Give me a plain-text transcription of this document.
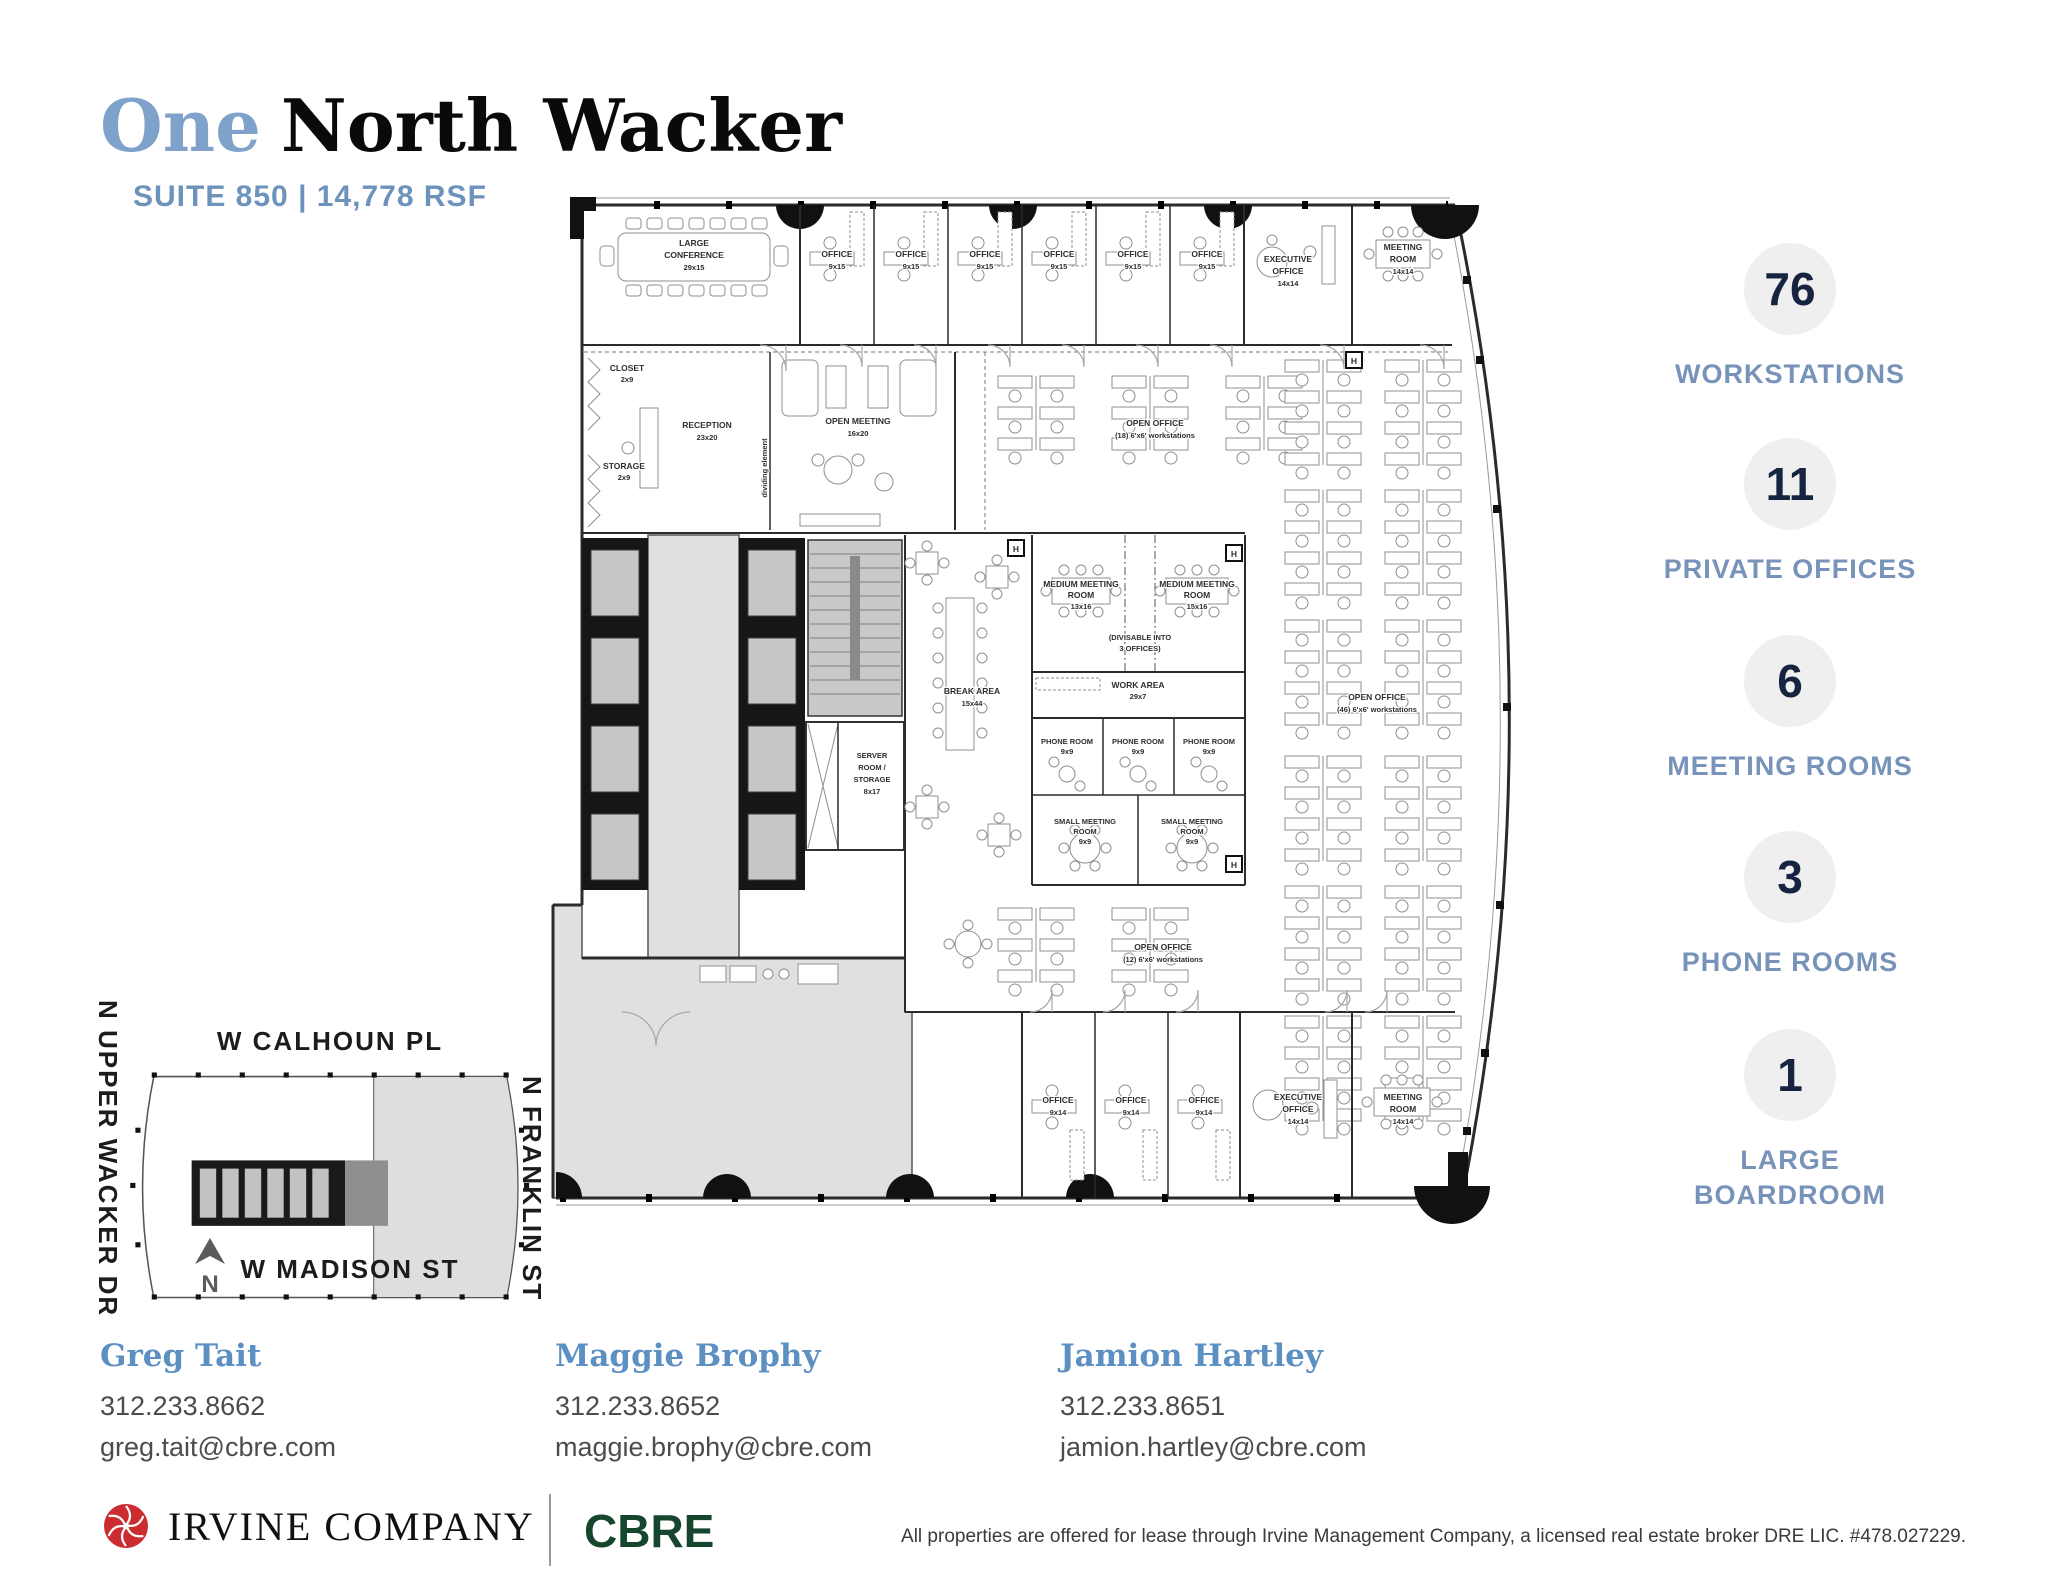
One North Wacker
SUITE 850 | 14,778 RSF
76
WORKSTATIONS
11
PRIVATE OFFICES
6
MEETING ROOMS
3
PHONE ROOMS
1
LARGE BOARDROOM
H
H
H
H
LARGE
CONFERENCE
29x15
OFFICE
9x15
OFFICE
9x15
OFFICE
9x15
OFFICE
9x15
OFFICE
9x15
OFFICE
9x15
EXECUTIVE
OFFICE
14x14
MEETING
ROOM
14x14
CLOSET
2x9
RECEPTION
23x20
STORAGE
2x9
OPEN MEETING
16x20
dividing element
OPEN OFFICE
(18) 6'x6' workstations
OPEN OFFICE
(46) 6'x6' workstations
OPEN OFFICE
(12) 6'x6' workstations
MEDIUM MEETING
ROOM
13x16
(DIVISABLE INTO
3 OFFICES)
MEDIUM MEETING
ROOM
15x16
WORK AREA
29x7
PHONE ROOM
9x9
PHONE ROOM
9x9
PHONE ROOM
9x9
SMALL MEETING
ROOM
9x9
SMALL MEETING
ROOM
9x9
SERVER
ROOM /
STORAGE
8x17
BREAK AREA
15x44
OFFICE
9x14
OFFICE
9x14
OFFICE
9x14
EXECUTIVE
OFFICE
14x14
MEETING
ROOM
14x14
W CALHOUN PL
N UPPER WACKER DR	N FRANKLIN ST
W MADISON ST
N
Greg Tait
312.233.8662
greg.tait@cbre.com
Maggie Brophy
312.233.8652
maggie.brophy@cbre.com
Jamion Hartley
312.233.8651
jamion.hartley@cbre.com
IRVINE COMPANY CBRE	All properties are offered for lease through Irvine Management Company, a licensed real estate broker DRE LIC. #478.027229.
